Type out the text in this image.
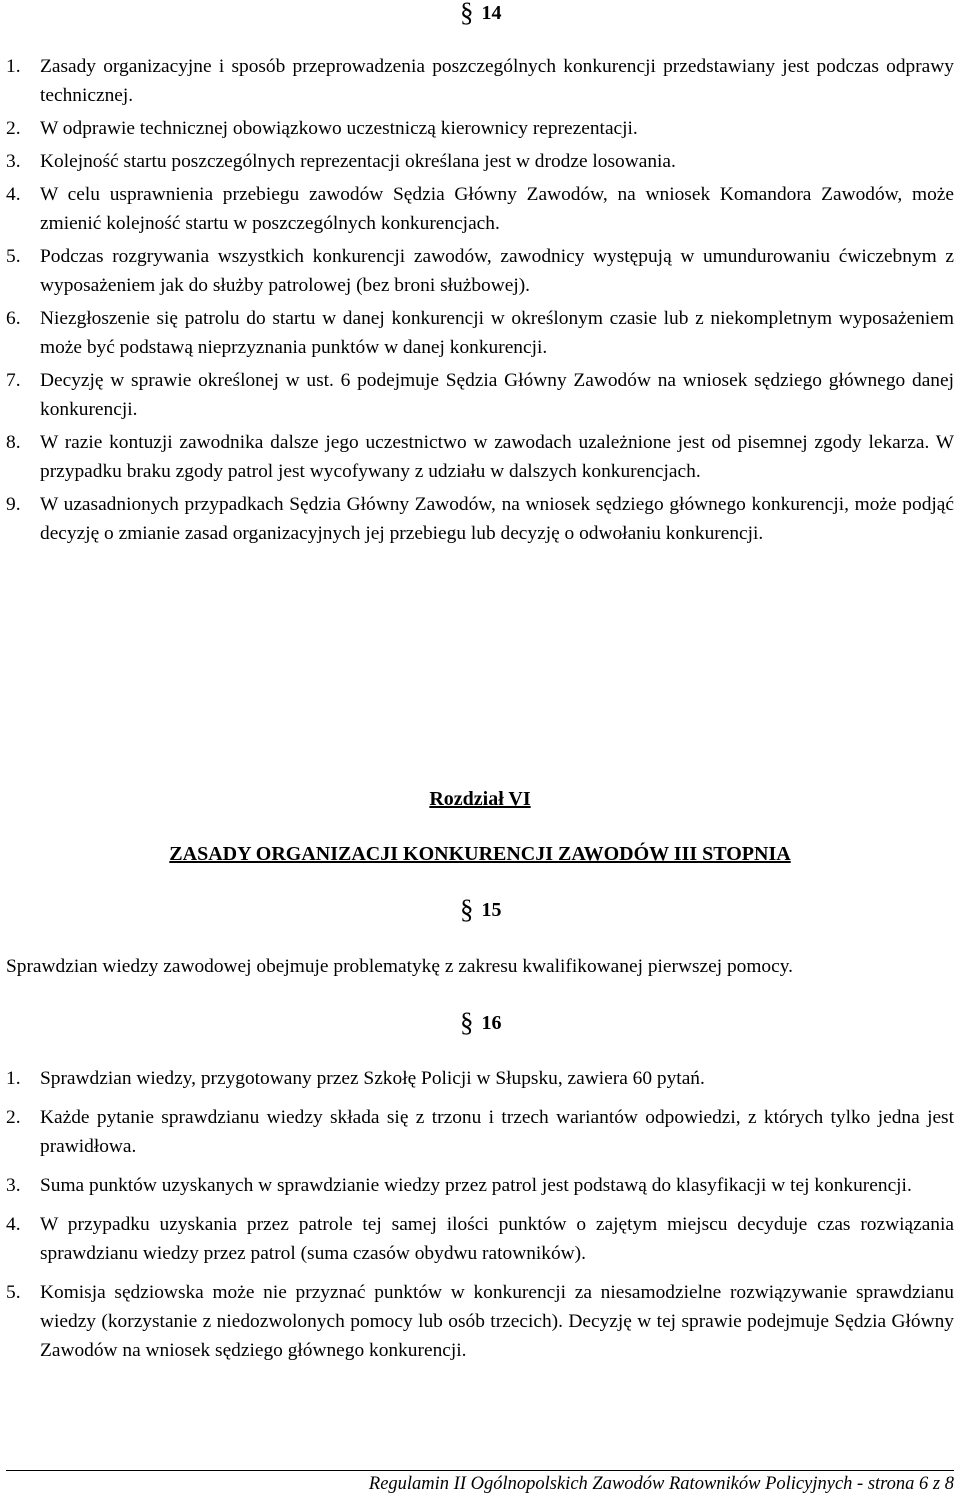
§ 14
1. Zasady organizacyjne i sposób przeprowadzenia poszczególnych konkurencji przedstawiany jest podczas odprawy technicznej.
2. W odprawie technicznej obowiązkowo uczestniczą kierownicy reprezentacji.
3. Kolejność startu poszczególnych reprezentacji określana jest w drodze losowania.
4. W celu usprawnienia przebiegu zawodów Sędzia Główny Zawodów, na wniosek Komandora Zawodów, może zmienić kolejność startu w poszczególnych konkurencjach.
5. Podczas rozgrywania wszystkich konkurencji zawodów, zawodnicy występują w umundurowaniu ćwiczebnym z wyposażeniem jak do służby patrolowej (bez broni służbowej).
6. Niezgłoszenie się patrolu do startu w danej konkurencji w określonym czasie lub z niekompletnym wyposażeniem może być podstawą nieprzyznania punktów w danej konkurencji.
7. Decyzję w sprawie określonej w ust. 6 podejmuje Sędzia Główny Zawodów na wniosek sędziego głównego danej konkurencji.
8. W razie kontuzji zawodnika dalsze jego uczestnictwo w zawodach uzależnione jest od pisemnej zgody lekarza. W przypadku braku zgody patrol jest wycofywany z udziału w dalszych konkurencjach.
9. W uzasadnionych przypadkach Sędzia Główny Zawodów, na wniosek sędziego głównego konkurencji, może podjąć decyzję o zmianie zasad organizacyjnych jej przebiegu lub decyzję o odwołaniu konkurencji.
Rozdział VI
ZASADY ORGANIZACJI KONKURENCJI ZAWODÓW III STOPNIA
§ 15
Sprawdzian wiedzy zawodowej obejmuje problematykę z zakresu kwalifikowanej pierwszej pomocy.
§ 16
1. Sprawdzian wiedzy, przygotowany przez Szkołę Policji w Słupsku, zawiera 60 pytań.
2. Każde pytanie sprawdzianu wiedzy składa się z trzonu i trzech wariantów odpowiedzi, z których tylko jedna jest prawidłowa.
3. Suma punktów uzyskanych w sprawdzianie wiedzy przez patrol jest podstawą do klasyfikacji w tej konkurencji.
4. W przypadku uzyskania przez patrole tej samej ilości punktów o zajętym miejscu decyduje czas rozwiązania sprawdzianu wiedzy przez patrol (suma czasów obydwu ratowników).
5. Komisja sędziowska może nie przyznać punktów w konkurencji za niesamodzielne rozwiązywanie sprawdzianu wiedzy (korzystanie z niedozwolonych pomocy lub osób trzecich). Decyzję w tej sprawie podejmuje Sędzia Główny Zawodów na wniosek sędziego głównego konkurencji.
Regulamin II Ogólnopolskich Zawodów Ratowników Policyjnych - strona 6 z 8
